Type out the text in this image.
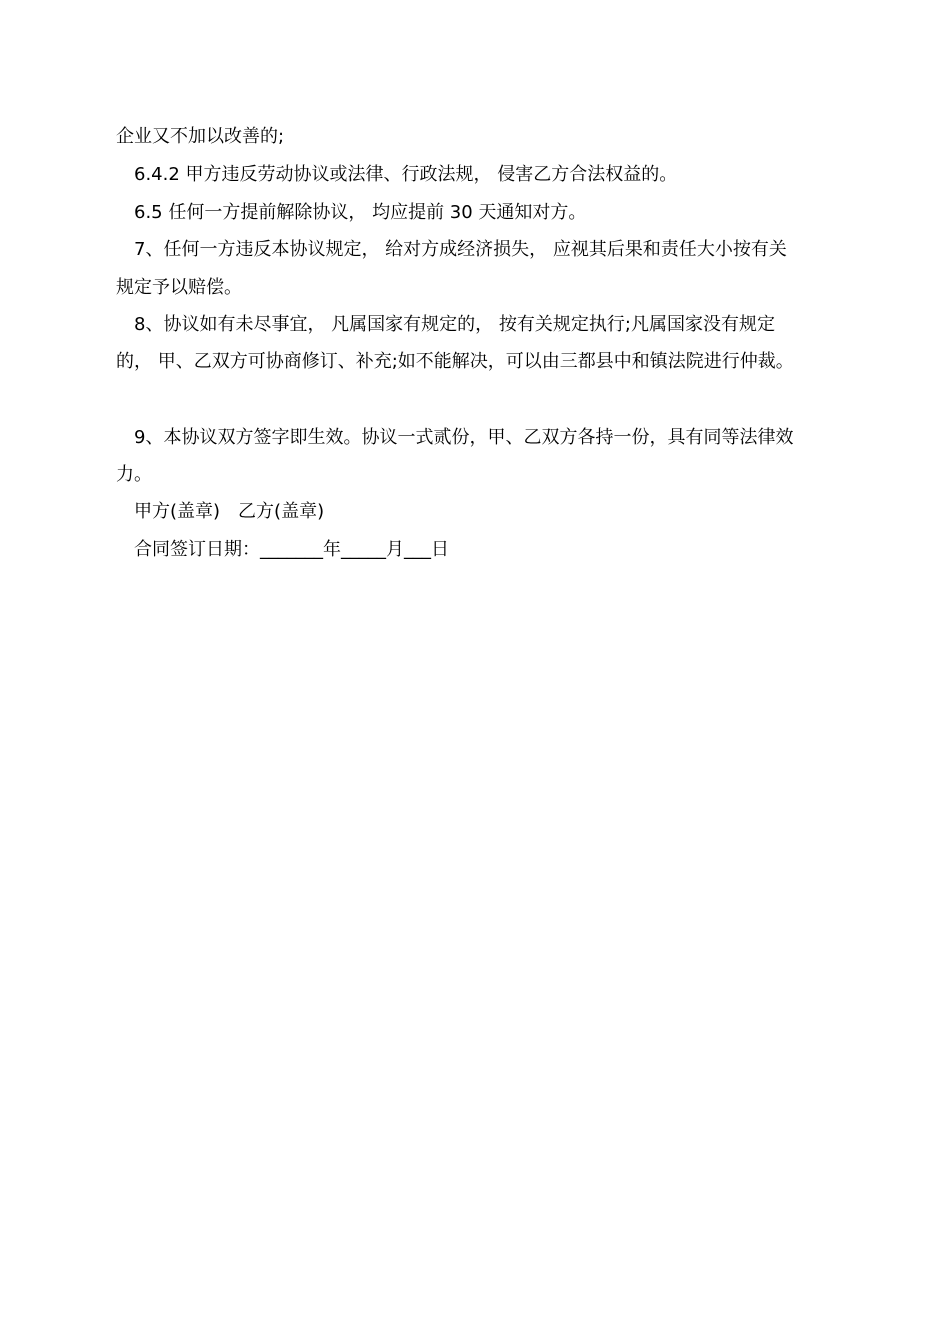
企业又不加以改善的;
6.4.2 甲方违反劳动协议或法律、行政法规， 侵害乙方合法权益的。
6.5 任何一方提前解除协议， 均应提前 30 天通知对方。
7、任何一方违反本协议规定， 给对方成经济损失， 应视其后果和责任大小按有关
规定予以赔偿。
8、协议如有未尽事宜， 凡属国家有规定的， 按有关规定执行;凡属国家没有规定
的， 甲、乙双方可协商修订、补充;如不能解决，可以由三都县中和镇法院进行仲裁。
9、本协议双方签字即生效。协议一式贰份，甲、乙双方各持一份，具有同等法律效
力。
甲方(盖章)　乙方(盖章)
合同签订日期：_______年_____月___日
